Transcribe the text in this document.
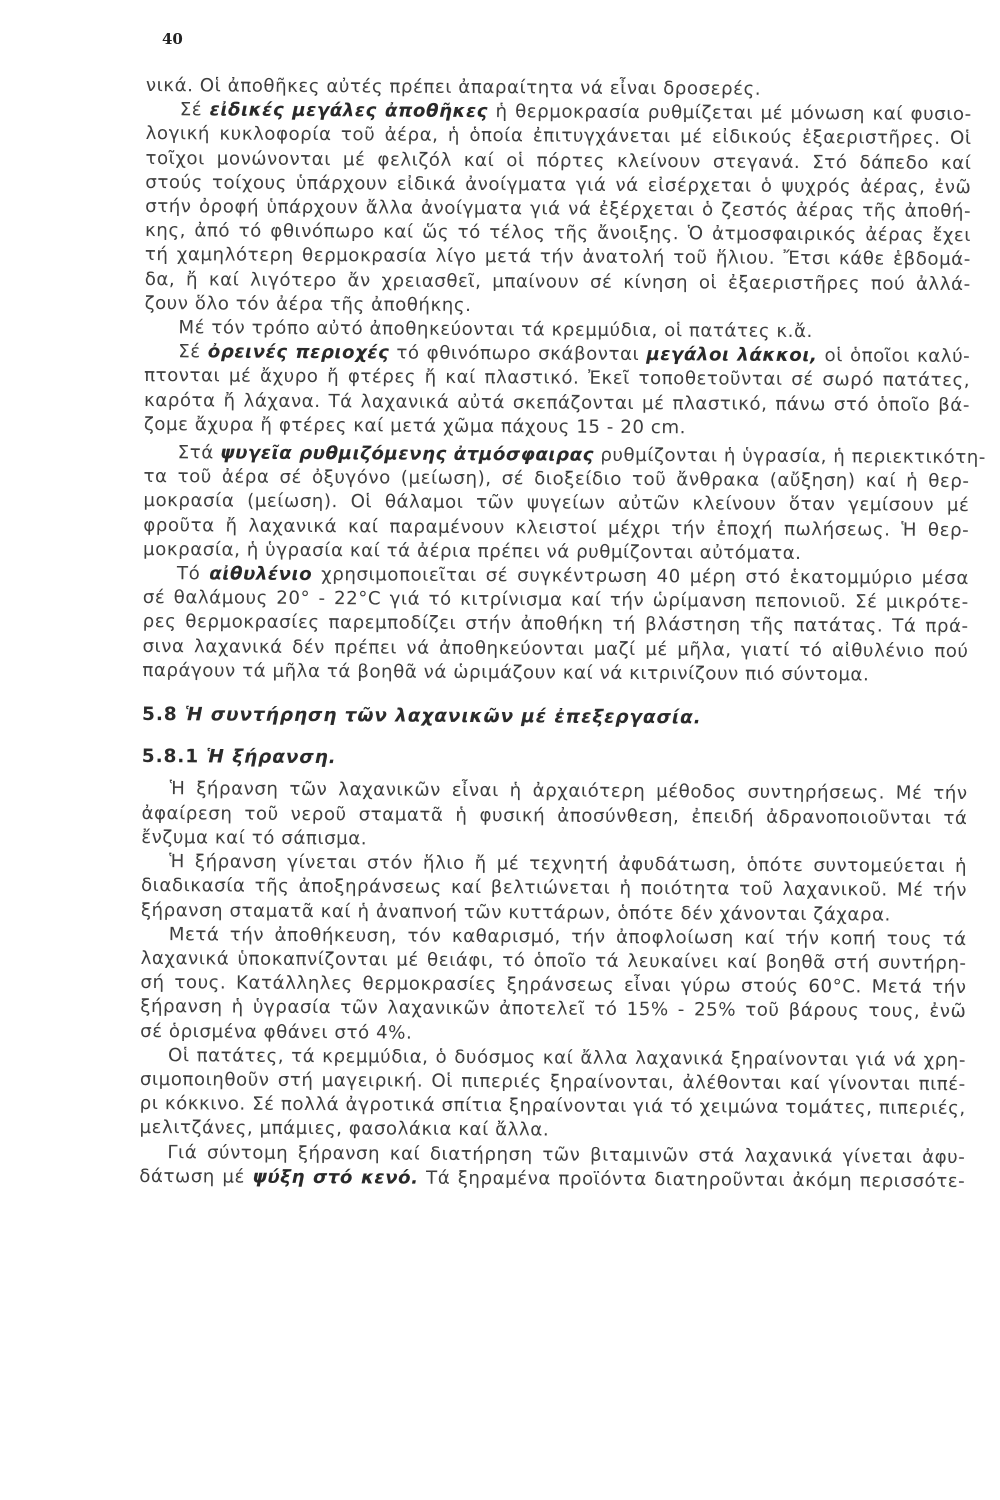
40
νικά. Οἱ ἀποθῆκες αὐτές πρέπει ἀπαραίτητα νά εἶναι δροσερές.
Σέ εἰδικές μεγάλες ἀποθῆκες ἡ θερμοκρασία ρυθμίζεται μέ μόνωση καί φυσιο-
λογική κυκλοφορία τοῦ ἀέρα, ἡ ὁποία ἐπιτυγχάνεται μέ εἰδικούς ἐξαεριστῆρες. Οἱ
τοῖχοι μονώνονται μέ φελιζόλ καί οἱ πόρτες κλείνουν στεγανά. Στό δάπεδο καί
στούς τοίχους ὑπάρχουν εἰδικά ἀνοίγματα γιά νά εἰσέρχεται ὁ ψυχρός ἀέρας, ἐνῶ
στήν ὀροφή ὑπάρχουν ἄλλα ἀνοίγματα γιά νά ἐξέρχεται ὁ ζεστός ἀέρας τῆς ἀποθή-
κης, ἀπό τό φθινόπωρο καί ὥς τό τέλος τῆς ἄνοιξης. Ὁ ἀτμοσφαιρικός ἀέρας ἔχει
τή χαμηλότερη θερμοκρασία λίγο μετά τήν ἀνατολή τοῦ ἥλιου. Ἔτσι κάθε ἑβδομά-
δα, ἤ καί λιγότερο ἄν χρειασθεῖ, μπαίνουν σέ κίνηση οἱ ἐξαεριστῆρες πού ἀλλά-
ζουν ὅλο τόν ἀέρα τῆς ἀποθήκης.
Μέ τόν τρόπο αὐτό ἀποθηκεύονται τά κρεμμύδια, οἱ πατάτες κ.ἄ.
Σέ ὀρεινές περιοχές τό φθινόπωρο σκάβονται μεγάλοι λάκκοι, οἱ ὁποῖοι καλύ-
πτονται μέ ἄχυρο ἤ φτέρες ἤ καί πλαστικό. Ἐκεῖ τοποθετοῦνται σέ σωρό πατάτες,
καρότα ἤ λάχανα. Τά λαχανικά αὐτά σκεπάζονται μέ πλαστικό, πάνω στό ὁποῖο βά-
ζομε ἄχυρα ἤ φτέρες καί μετά χῶμα πάχους 15 - 20 cm.
Στά ψυγεῖα ρυθμιζόμενης ἀτμόσφαιρας ρυθμίζονται ἡ ὑγρασία, ἡ περιεκτικότη-
τα τοῦ ἀέρα σέ ὀξυγόνο (μείωση), σέ διοξείδιο τοῦ ἄνθρακα (αὔξηση) καί ἡ θερ-
μοκρασία (μείωση). Οἱ θάλαμοι τῶν ψυγείων αὐτῶν κλείνουν ὅταν γεμίσουν μέ
φροῦτα ἤ λαχανικά καί παραμένουν κλειστοί μέχρι τήν ἐποχή πωλήσεως. Ἡ θερ-
μοκρασία, ἡ ὑγρασία καί τά ἀέρια πρέπει νά ρυθμίζονται αὐτόματα.
Τό αἰθυλένιο χρησιμοποιεῖται σέ συγκέντρωση 40 μέρη στό ἑκατομμύριο μέσα
σέ θαλάμους 20° - 22°C γιά τό κιτρίνισμα καί τήν ὡρίμανση πεπονιοῦ. Σέ μικρότε-
ρες θερμοκρασίες παρεμποδίζει στήν ἀποθήκη τή βλάστηση τῆς πατάτας. Τά πρά-
σινα λαχανικά δέν πρέπει νά ἀποθηκεύονται μαζί μέ μῆλα, γιατί τό αἰθυλένιο πού
παράγουν τά μῆλα τά βοηθᾶ νά ὡριμάζουν καί νά κιτρινίζουν πιό σύντομα.
5.8 Ἡ συντήρηση τῶν λαχανικῶν μέ ἐπεξεργασία.
5.8.1 Ἡ ξήρανση.
Ἡ ξήρανση τῶν λαχανικῶν εἶναι ἡ ἀρχαιότερη μέθοδος συντηρήσεως. Μέ τήν
ἀφαίρεση τοῦ νεροῦ σταματᾶ ἡ φυσική ἀποσύνθεση, ἐπειδή ἀδρανοποιοῦνται τά
ἔνζυμα καί τό σάπισμα.
Ἡ ξήρανση γίνεται στόν ἥλιο ἤ μέ τεχνητή ἀφυδάτωση, ὁπότε συντομεύεται ἡ
διαδικασία τῆς ἀποξηράνσεως καί βελτιώνεται ἡ ποιότητα τοῦ λαχανικοῦ. Μέ τήν
ξήρανση σταματᾶ καί ἡ ἀναπνοή τῶν κυττάρων, ὁπότε δέν χάνονται ζάχαρα.
Μετά τήν ἀποθήκευση, τόν καθαρισμό, τήν ἀποφλοίωση καί τήν κοπή τους τά
λαχανικά ὑποκαπνίζονται μέ θειάφι, τό ὁποῖο τά λευκαίνει καί βοηθᾶ στή συντήρη-
σή τους. Κατάλληλες θερμοκρασίες ξηράνσεως εἶναι γύρω στούς 60°C. Μετά τήν
ξήρανση ἡ ὑγρασία τῶν λαχανικῶν ἀποτελεῖ τό 15% - 25% τοῦ βάρους τους, ἐνῶ
σέ ὁρισμένα φθάνει στό 4%.
Οἱ πατάτες, τά κρεμμύδια, ὁ δυόσμος καί ἄλλα λαχανικά ξηραίνονται γιά νά χρη-
σιμοποιηθοῦν στή μαγειρική. Οἱ πιπεριές ξηραίνονται, ἀλέθονται καί γίνονται πιπέ-
ρι κόκκινο. Σέ πολλά ἀγροτικά σπίτια ξηραίνονται γιά τό χειμώνα τομάτες, πιπεριές,
μελιτζάνες, μπάμιες, φασολάκια καί ἄλλα.
Γιά σύντομη ξήρανση καί διατήρηση τῶν βιταμινῶν στά λαχανικά γίνεται ἀφυ-
δάτωση μέ ψύξη στό κενό. Τά ξηραμένα προϊόντα διατηροῦνται ἀκόμη περισσότε-
